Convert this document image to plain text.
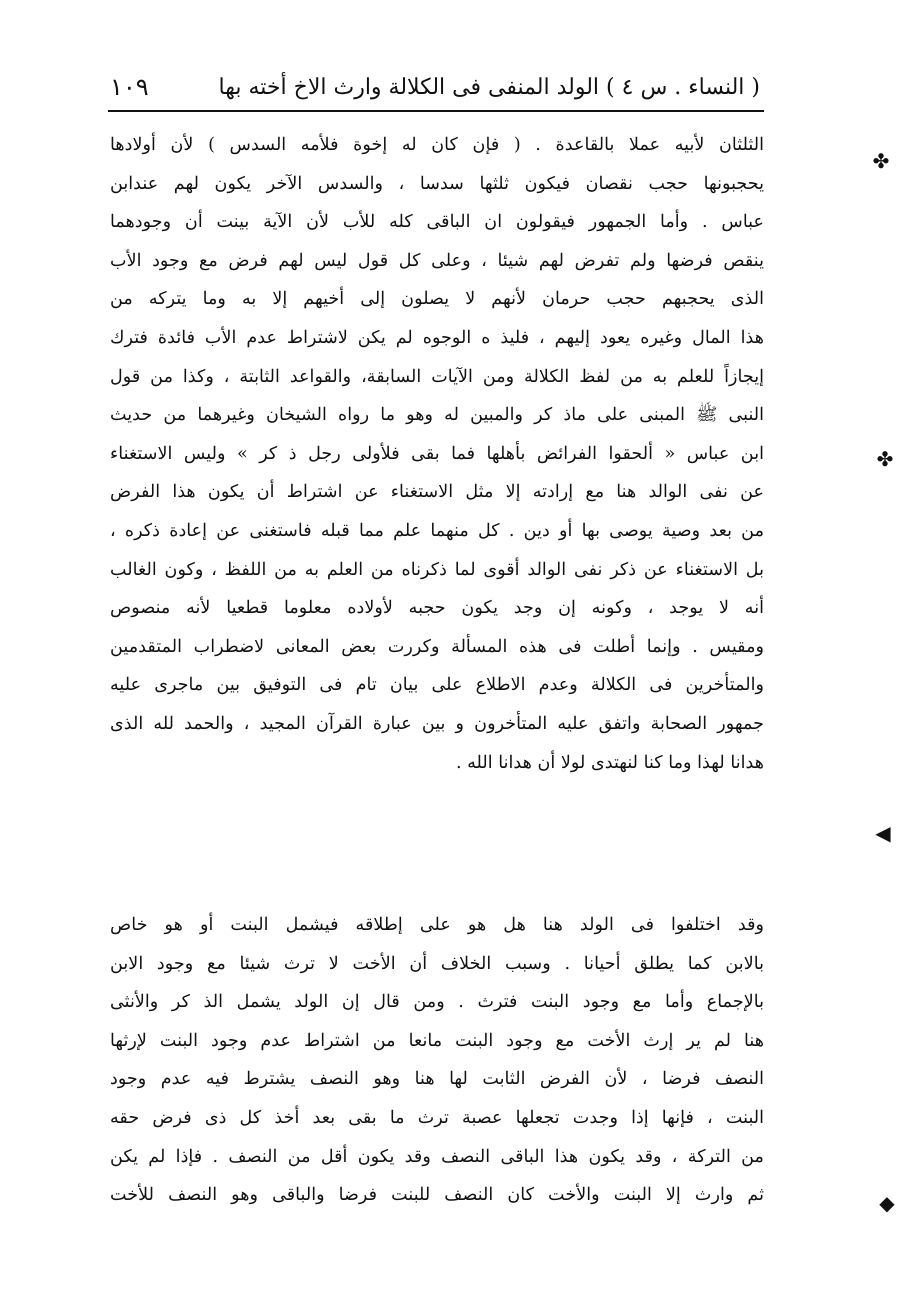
( النساء . س ٤ ) الولد المنفى فى الكلالة وارث الاخ أخته بها
١٠٩
الثلثان لأبيه عملا بالقاعدة . ( فإن كان له إخوة فلأمه السدس ) لأن أولادها
يحجبونها حجب نقصان فيكون ثلثها سدسا ، والسدس الآخر يكون لهم عندابن
عباس . وأما الجمهور فيقولون ان الباقى كله للأب لأن الآية بينت أن وجودهما
ينقص فرضها ولم تفرض لهم شيئا ، وعلى كل قول ليس لهم فرض مع وجود الأب
الذى يحجبهم حجب حرمان لأنهم لا يصلون إلى أخيهم إلا به وما يتركه من
هذا المال وغيره يعود إليهم ، فليذ ه الوجوه لم يكن لاشتراط عدم الأب فائدة فترك
إيجازاً للعلم به من لفظ الكلالة ومن الآيات السابقة، والقواعد الثابتة ، وكذا من قول
النبى ﷺ المبنى على ماذ كر والمبين له وهو ما رواه الشيخان وغيرهما من حديث
ابن عباس « ألحقوا الفرائض بأهلها فما بقى فلأولى رجل ذ كر » وليس الاستغناء
عن نفى الوالد هنا مع إرادته إلا مثل الاستغناء عن اشتراط أن يكون هذا الفرض
من بعد وصية يوصى بها أو دين . كل منهما علم مما قبله فاستغنى عن إعادة ذكره ،
بل الاستغناء عن ذكر نفى الوالد أقوى لما ذكرناه من العلم به من اللفظ ، وكون الغالب
أنه لا يوجد ، وكونه إن وجد يكون حجبه لأولاده معلوما قطعيا لأنه منصوص
ومقيس . وإنما أطلت فى هذه المسألة وكررت بعض المعانى لاضطراب المتقدمين
والمتأخرين فى الكلالة وعدم الاطلاع على بيان تام فى التوفيق بين ماجرى عليه
جمهور الصحابة واتفق عليه المتأخرون و بين عبارة القرآن المجيد ، والحمد لله الذى
هدانا لهذا وما كنا لنهتدى لولا أن هدانا الله .
وقد اختلفوا فى الولد هنا هل هو على إطلاقه فيشمل البنت أو هو خاص
بالابن كما يطلق أحيانا . وسبب الخلاف أن الأخت لا ترث شيئا مع وجود الابن
بالإجماع وأما مع وجود البنت فترث . ومن قال إن الولد يشمل الذ كر والأنثى
هنا لم ير إرث الأخت مع وجود البنت مانعا من اشتراط عدم وجود البنت لإرثها
النصف فرضا ، لأن الفرض الثابت لها هنا وهو النصف يشترط فيه عدم وجود
البنت ، فإنها إذا وجدت تجعلها عصبة ترث ما بقى بعد أخذ كل ذى فرض حقه
من التركة ، وقد يكون هذا الباقى النصف وقد يكون أقل من النصف . فإذا لم يكن
ثم وارث إلا البنت والأخت كان النصف للبنت فرضا والباقى وهو النصف للأخت
✤
✤
◀
◆
